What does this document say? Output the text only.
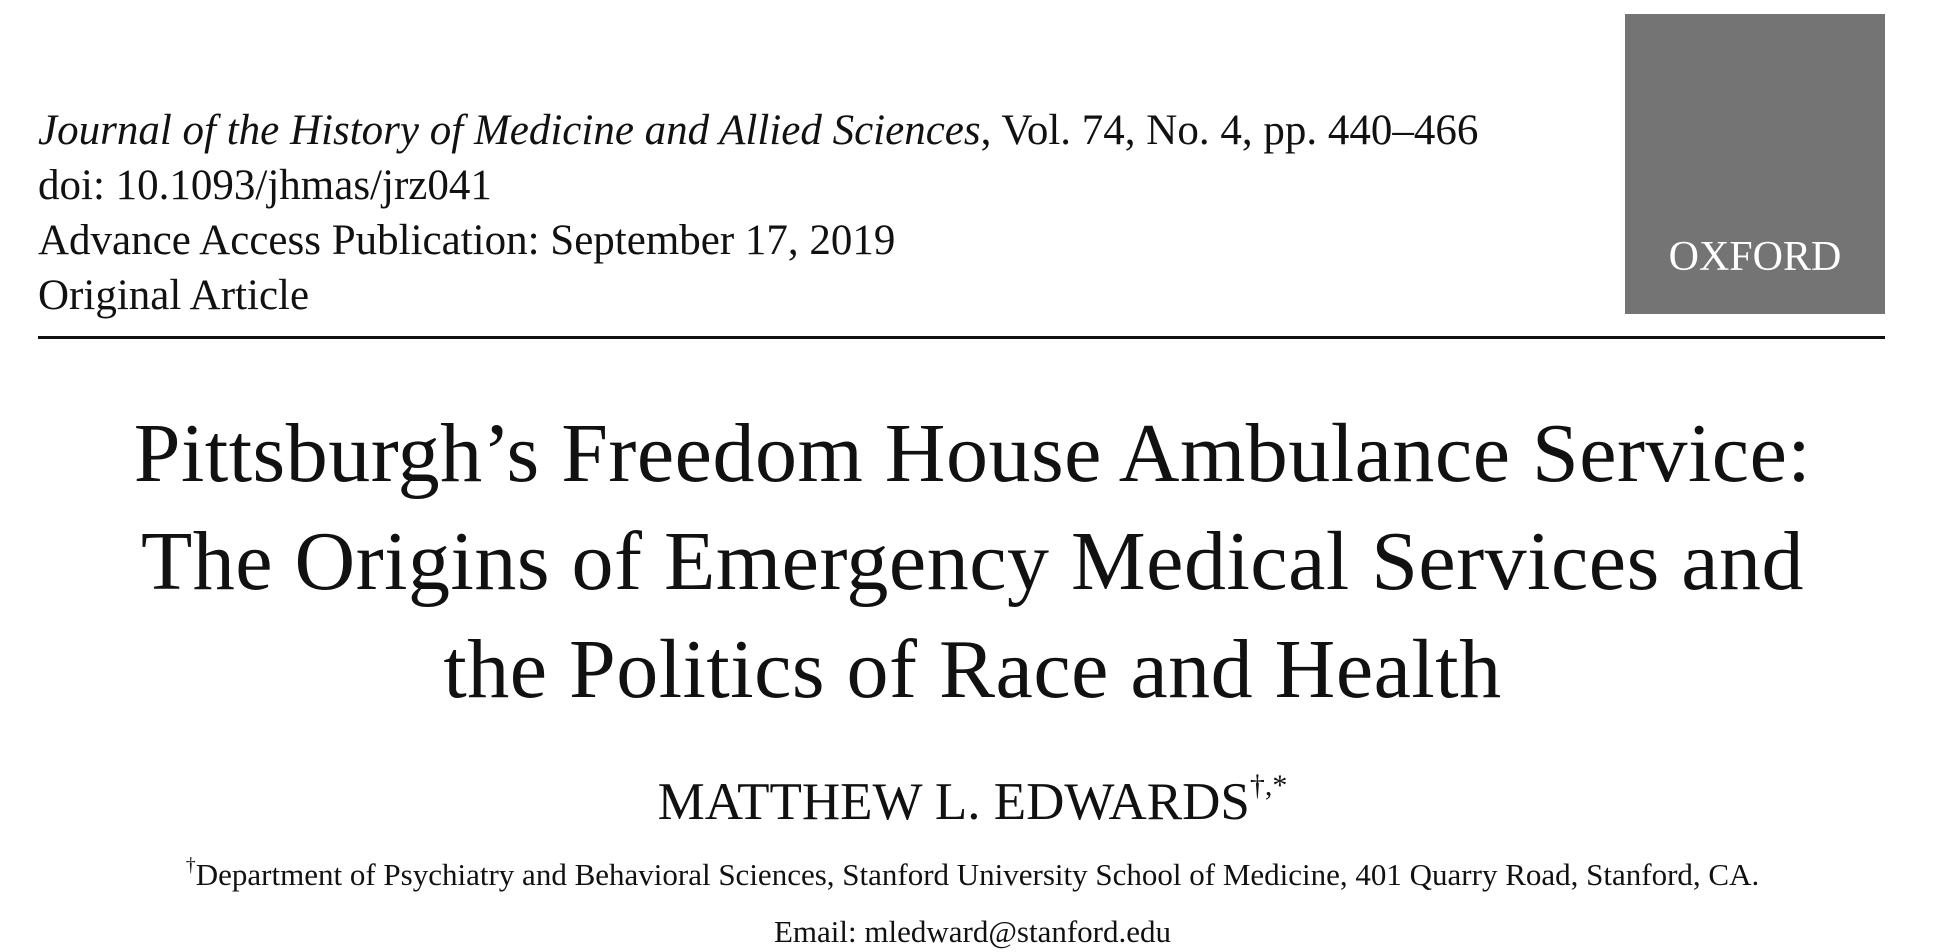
Journal of the History of Medicine and Allied Sciences, Vol. 74, No. 4, pp. 440–466
doi: 10.1093/jhmas/jrz041
Advance Access Publication: September 17, 2019
Original Article
OXFORD
Pittsburgh’s Freedom House Ambulance Service:
The Origins of Emergency Medical Services and
the Politics of Race and Health
MATTHEW L. EDWARDS†,*
†Department of Psychiatry and Behavioral Sciences, Stanford University School of Medicine, 401 Quarry Road, Stanford, CA.
Email: mledward@stanford.edu
